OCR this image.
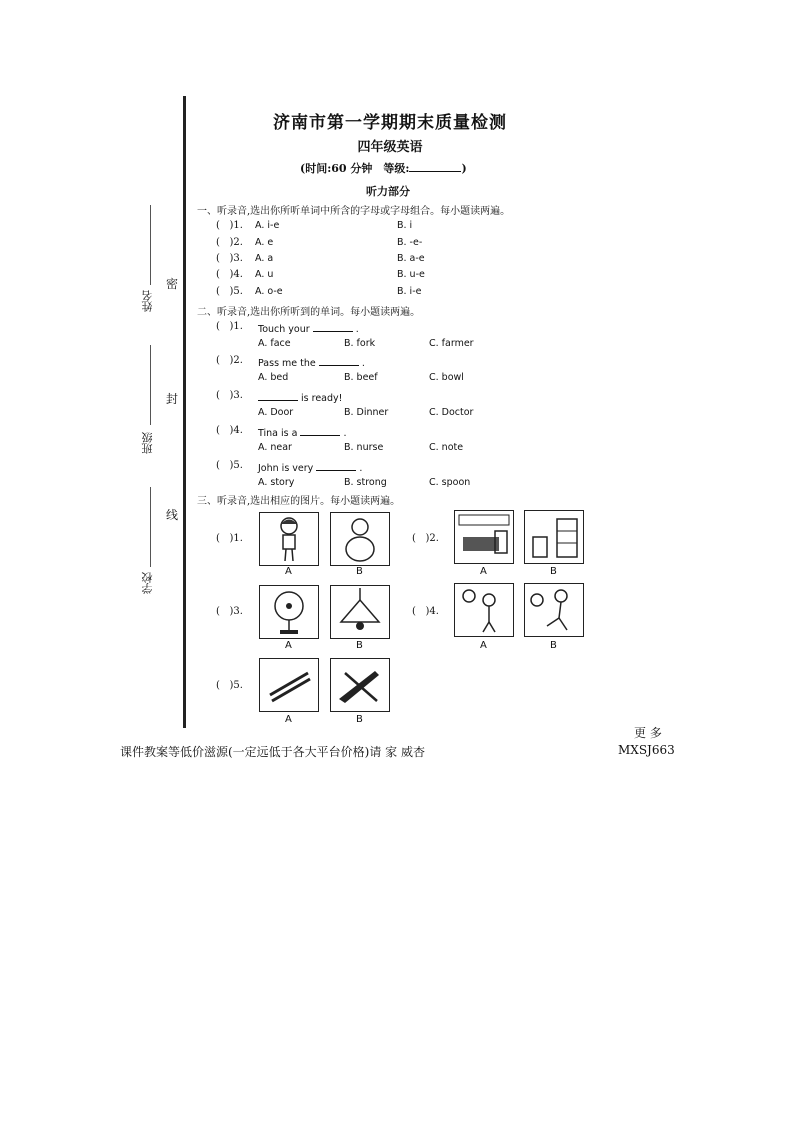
姓名
密
班级
封
学校
线
济南市第一学期期末质量检测
四年级英语
(时间:60 分钟　等级:	)
听力部分
一、听录音,选出你所听单词中所含的字母或字母组合。每小题读两遍。
( )1. A. i-e	B. i
( )2. A. e	B. -e-
( )3. A. a	B. a-e
( )4. A. u	B. u-e
( )5. A. o-e	B. i-e
二、听录音,选出你所听到的单词。每小题读两遍。
( )1. Touch your	.
A. face	B. fork	C. farmer
( )2. Pass me the	.
A. bed	B. beef	C. bowl
( )3.	is ready!
A. Door	B. Dinner	C. Doctor
( )4. Tina is a	.
A. near	B. nurse	C. note
( )5. John is very	.
A. story	B. strong	C. spoon
三、听录音,选出相应的图片。每小题读两遍。
( )1.
A	B
( )2.
A	B
( )3.
A	B
( )4.
A	B
( )5.
A	B
更 多
课件教案等低价滋源(一定远低于各大平台价格)请 家 威杏	MXSJ663
